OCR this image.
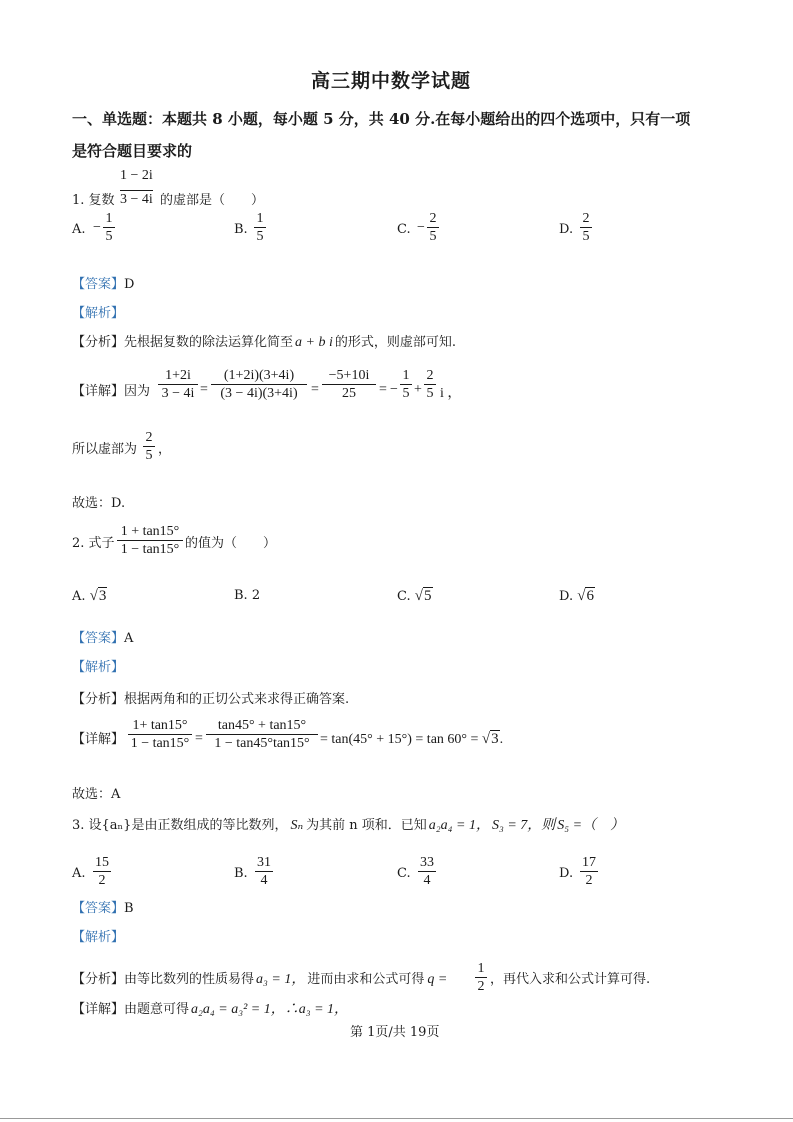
高三期中数学试题
一、单选题：本题共 8 小题，每小题 5 分，共 40 分.在每小题给出的四个选项中，只有一项
是符合题目要求的
1 − 2i
1. 复数 3 − 4i 的虚部是（　　）
A. −
1
5	B.
1
5	C. −
2
5	D.
2
5
【答案】D
【解析】
【分析】先根据复数的除法运算化简至 a + b i 的形式，则虚部可知.
【详解】因为
1+2i
3 − 4i =
(1+2i)(3+4i)
(3 − 4i)(3+4i) =
−5+10i
25	= −
1
5 +
2
5 i ，
所以虚部为
2
5 ，
故选：D.
2. 式子
1 + tan15°
1 − tan15° 的值为（　　）
A. √3	B. 2	C. √5	D. √6
【答案】A
【解析】
【分析】根据两角和的正切公式来求得正确答案.
【详解】
1+ tan15°
1 − tan15° =
tan45° + tan15°
1 − tan45°tan15° = tan(45° + 15°) = tan 60° = √3.
故选：A
3. 设{aₙ}是由正数组成的等比数列， Sₙ 为其前 n 项和．已知 a₂a₄ = 1， S₃ = 7，则 S₅ =（　）
A.
15
2	B.
31
4	C.
33
4	D.
17
2
【答案】B
【解析】
【分析】由等比数列的性质易得 a₃ = 1， 进而由求和公式可得 q =
1
2 ，再代入求和公式计算可得.
【详解】由题意可得 a₂a₄ = a₃² = 1，∴a₃ = 1，
第 1页/共 19页
